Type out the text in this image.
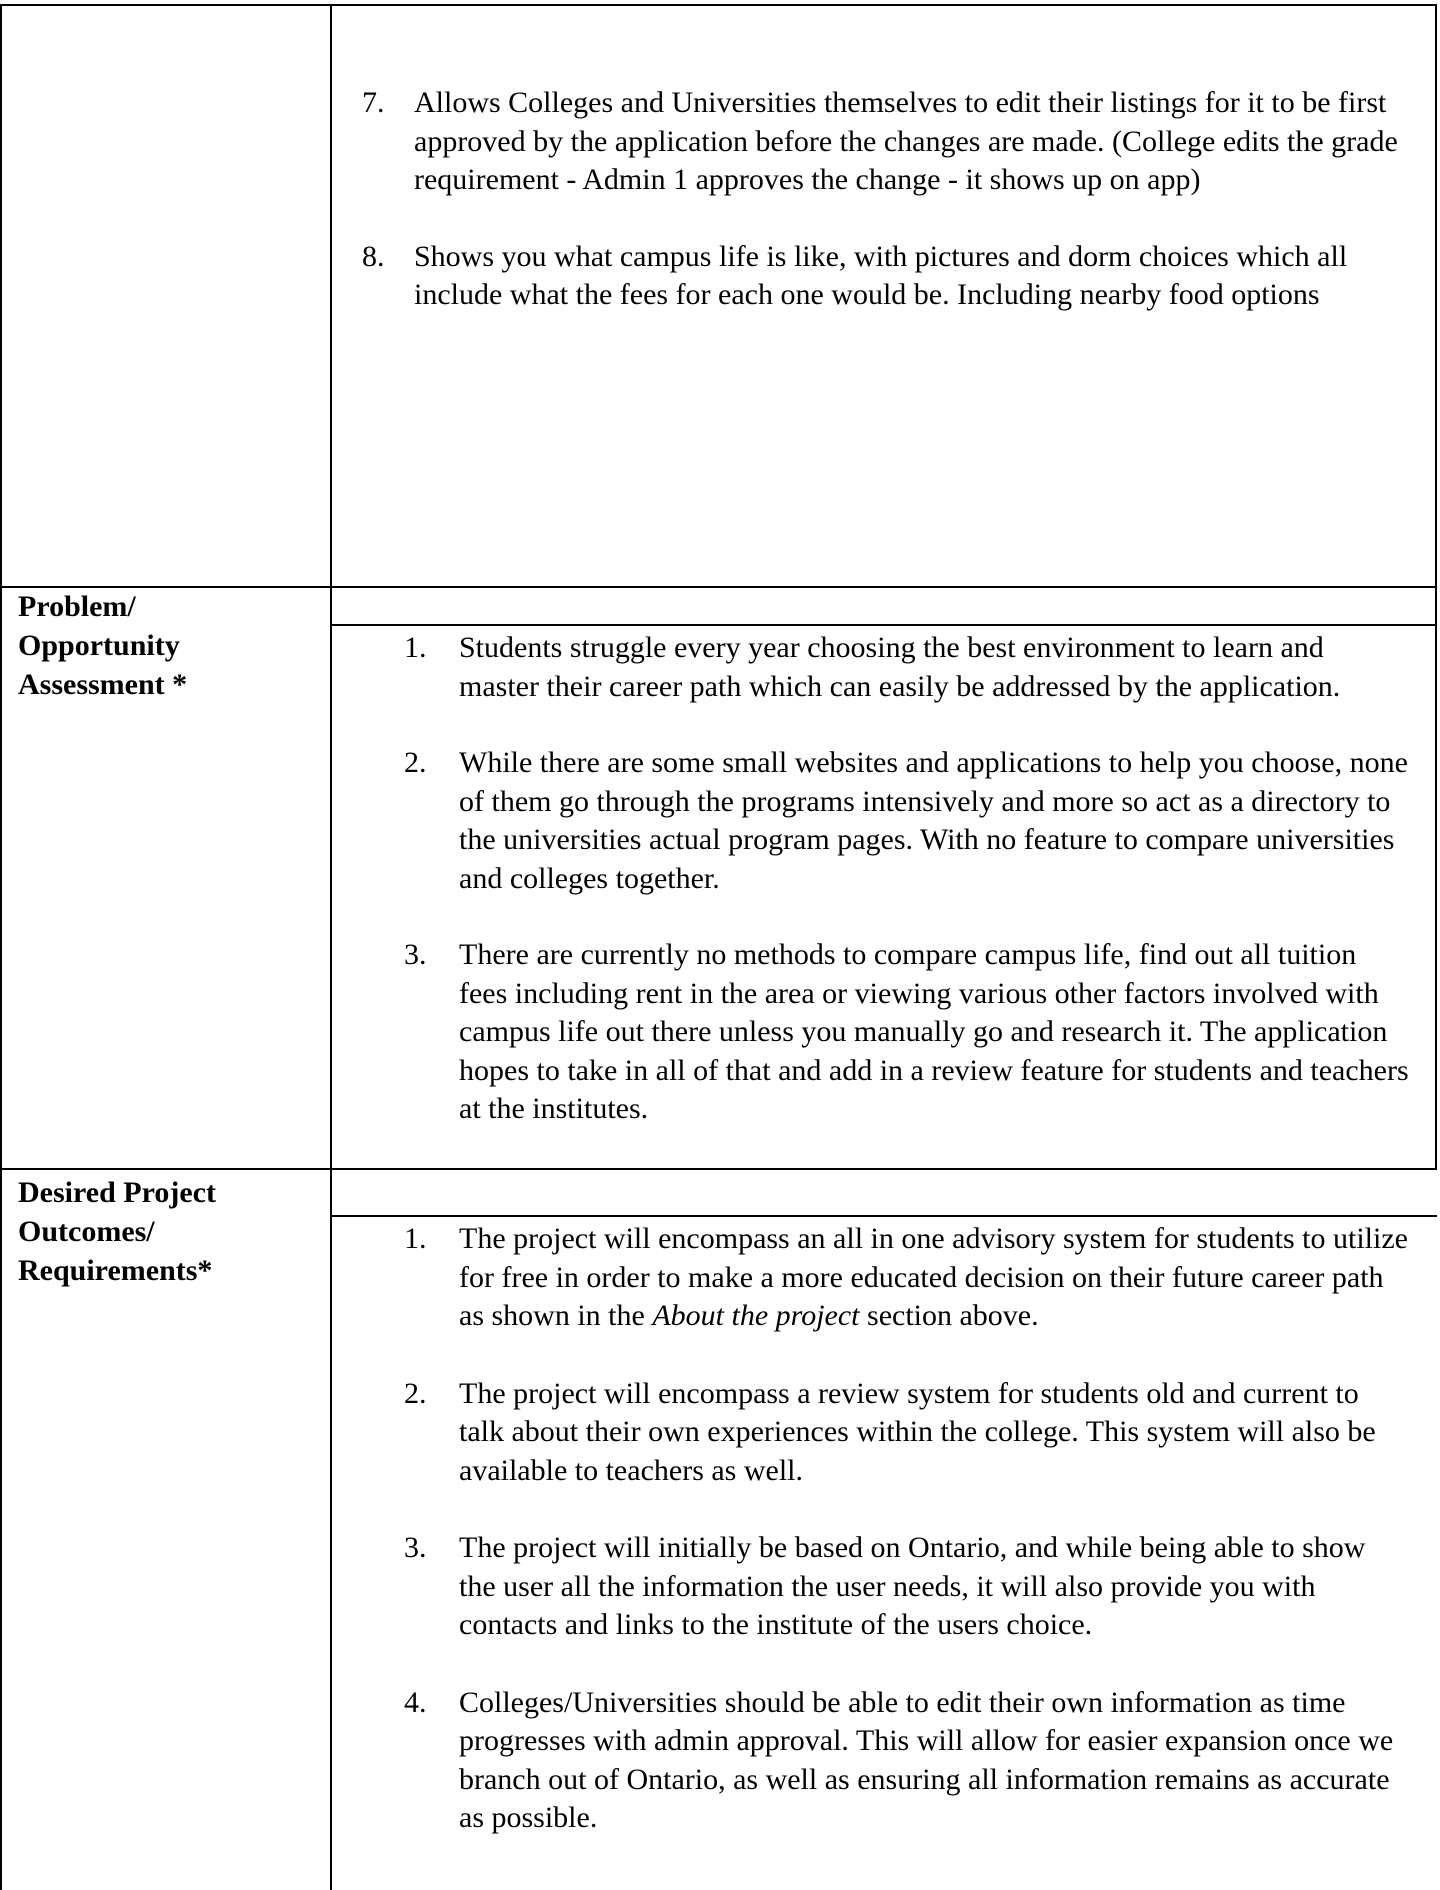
7. Allows Colleges and Universities themselves to edit their listings for it to be first approved by the application before the changes are made. (College edits the grade requirement - Admin 1 approves the change - it shows up on app)
8. Shows you what campus life is like, with pictures and dorm choices which all include what the fees for each one would be. Including nearby food options
Problem/
Opportunity
Assessment *
1. Students struggle every year choosing the best environment to learn and master their career path which can easily be addressed by the application.
2. While there are some small websites and applications to help you choose, none of them go through the programs intensively and more so act as a directory to the universities actual program pages. With no feature to compare universities and colleges together.
3. There are currently no methods to compare campus life, find out all tuition fees including rent in the area or viewing various other factors involved with campus life out there unless you manually go and research it. The application hopes to take in all of that and add in a review feature for students and teachers at the institutes.
Desired Project
Outcomes/
Requirements*
1. The project will encompass an all in one advisory system for students to utilize for free in order to make a more educated decision on their future career path as shown in the About the project section above.
2. The project will encompass a review system for students old and current to talk about their own experiences within the college. This system will also be available to teachers as well.
3. The project will initially be based on Ontario, and while being able to show the user all the information the user needs, it will also provide you with contacts and links to the institute of the users choice.
4. Colleges/Universities should be able to edit their own information as time progresses with admin approval. This will allow for easier expansion once we branch out of Ontario, as well as ensuring all information remains as accurate as possible.
